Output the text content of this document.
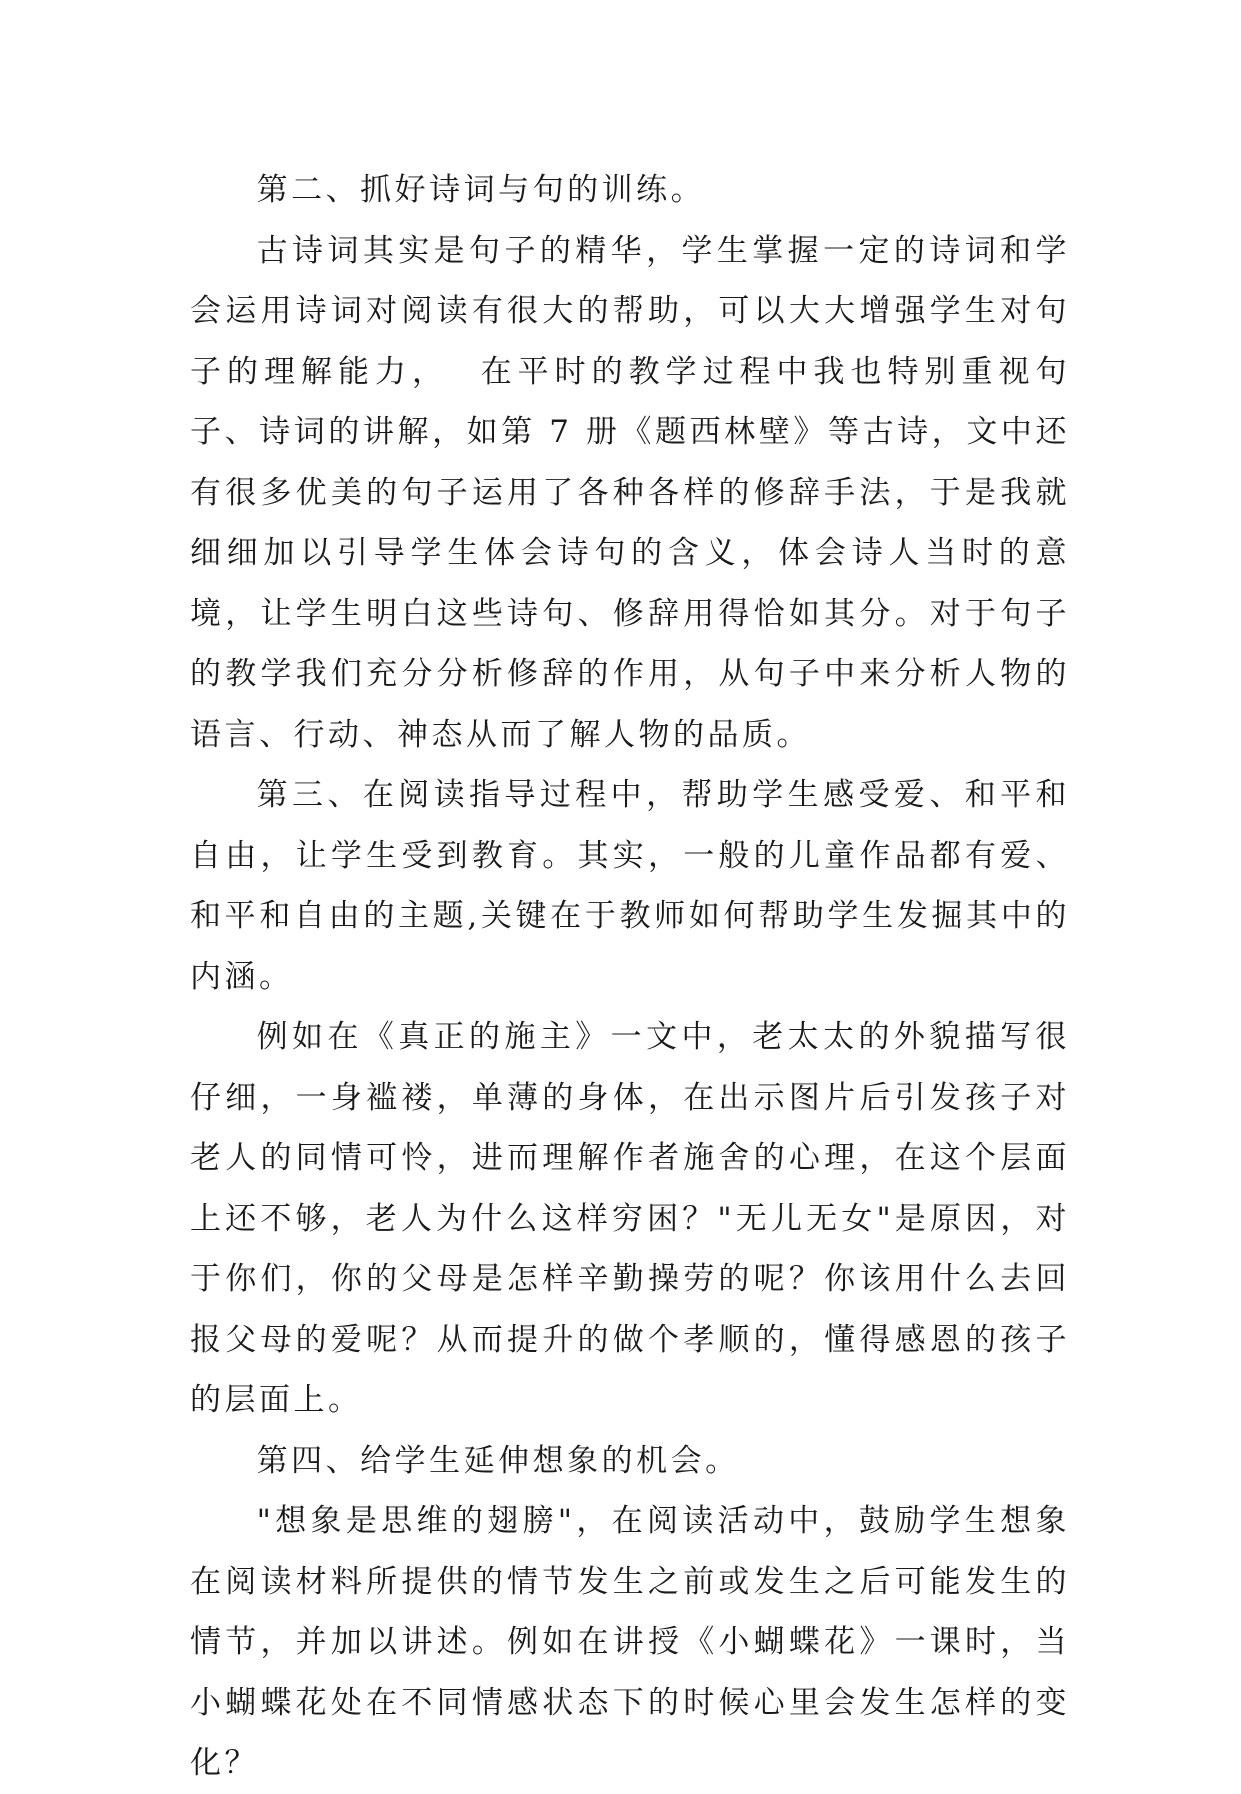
第二、抓好诗词与句的训练。

古诗词其实是句子的精华，学生掌握一定的诗词和学会运用诗词对阅读有很大的帮助，可以大大增强学生对句子的理解能力，  在平时的教学过程中我也特别重视句子、诗词的讲解，如第 7 册《题西林壁》等古诗，文中还有很多优美的句子运用了各种各样的修辞手法，于是我就细细加以引导学生体会诗句的含义，体会诗人当时的意境，让学生明白这些诗句、修辞用得恰如其分。对于句子的教学我们充分分析修辞的作用，从句子中来分析人物的语言、行动、神态从而了解人物的品质。

第三、在阅读指导过程中，帮助学生感受爱、和平和自由，让学生受到教育。其实，一般的儿童作品都有爱、和平和自由的主题,关键在于教师如何帮助学生发掘其中的内涵。

例如在《真正的施主》一文中，老太太的外貌描写很仔细，一身褴褛，单薄的身体，在出示图片后引发孩子对老人的同情可怜，进而理解作者施舍的心理，在这个层面上还不够，老人为什么这样穷困？"无儿无女"是原因，对于你们，你的父母是怎样辛勤操劳的呢？你该用什么去回报父母的爱呢？从而提升的做个孝顺的，懂得感恩的孩子的层面上。

第四、给学生延伸想象的机会。

"想象是思维的翅膀"，在阅读活动中，鼓励学生想象在阅读材料所提供的情节发生之前或发生之后可能发生的情节，并加以讲述。例如在讲授《小蝴蝶花》一课时，当小蝴蝶花处在不同情感状态下的时候心里会发生怎样的变化？
